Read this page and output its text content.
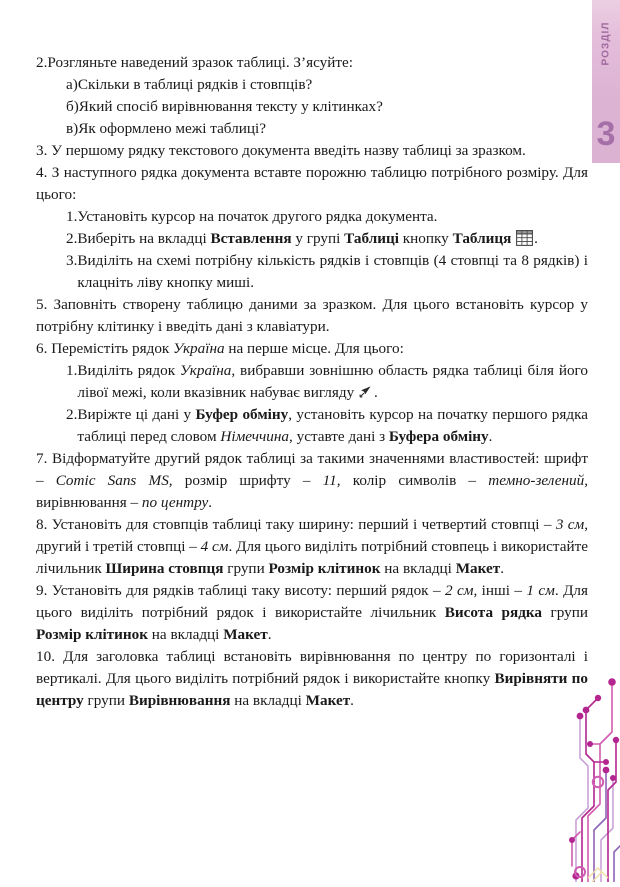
РОЗДІЛ
3
2. Розгляньте наведений зразок таблиці. З’ясуйте:
а) Скільки в таблиці рядків і стовпців?
б) Який спосіб вирівнювання тексту у клітинках?
в) Як оформлено межі таблиці?
3. У першому рядку текстового документа введіть назву таблиці за зразком.
4. З наступного рядка документа вставте порожню таблицю потрібного розміру. Для цього:
1. Установіть курсор на початок другого рядка документа.
2. Виберіть на вкладці Вставлення у групі Таблиці кнопку Таблиця .
3. Виділіть на схемі потрібну кількість рядків і стовпців (4 стовпці та 8 рядків) і клацніть ліву кнопку миші.
5. Заповніть створену таблицю даними за зразком. Для цього встановіть курсор у потрібну клітинку і введіть дані з клавіатури.
6. Перемістіть рядок Україна на перше місце. Для цього:
1. Виділіть рядок Україна, вибравши зовнішню область рядка таблиці біля його лівої межі, коли вказівник набуває вигляду .
2. Виріжте ці дані у Буфер обміну, установіть курсор на початку першого рядка таблиці перед словом Німеччина, уставте дані з Буфера обміну.
7. Відформатуйте другий рядок таблиці за такими значеннями властивостей: шрифт – Comic Sans MS, розмір шрифту – 11, колір символів – темно-зелений, вирівнювання – по центру.
8. Установіть для стовпців таблиці таку ширину: перший і четвертий стовпці – 3 см, другий і третій стовпці – 4 см. Для цього виділіть потрібний стовпець і використайте лічильник Ширина стовпця групи Розмір клітинок на вкладці Макет.
9. Установіть для рядків таблиці таку висоту: перший рядок – 2 см, інші – 1 см. Для цього виділіть потрібний рядок і використайте лічильник Висота рядка групи Розмір клітинок на вкладці Макет.
10. Для заголовка таблиці встановіть вирівнювання по центру по горизонталі і вертикалі. Для цього виділіть потрібний рядок і використайте кнопку Вирівняти по центру групи Вирівнювання на вкладці Макет.
